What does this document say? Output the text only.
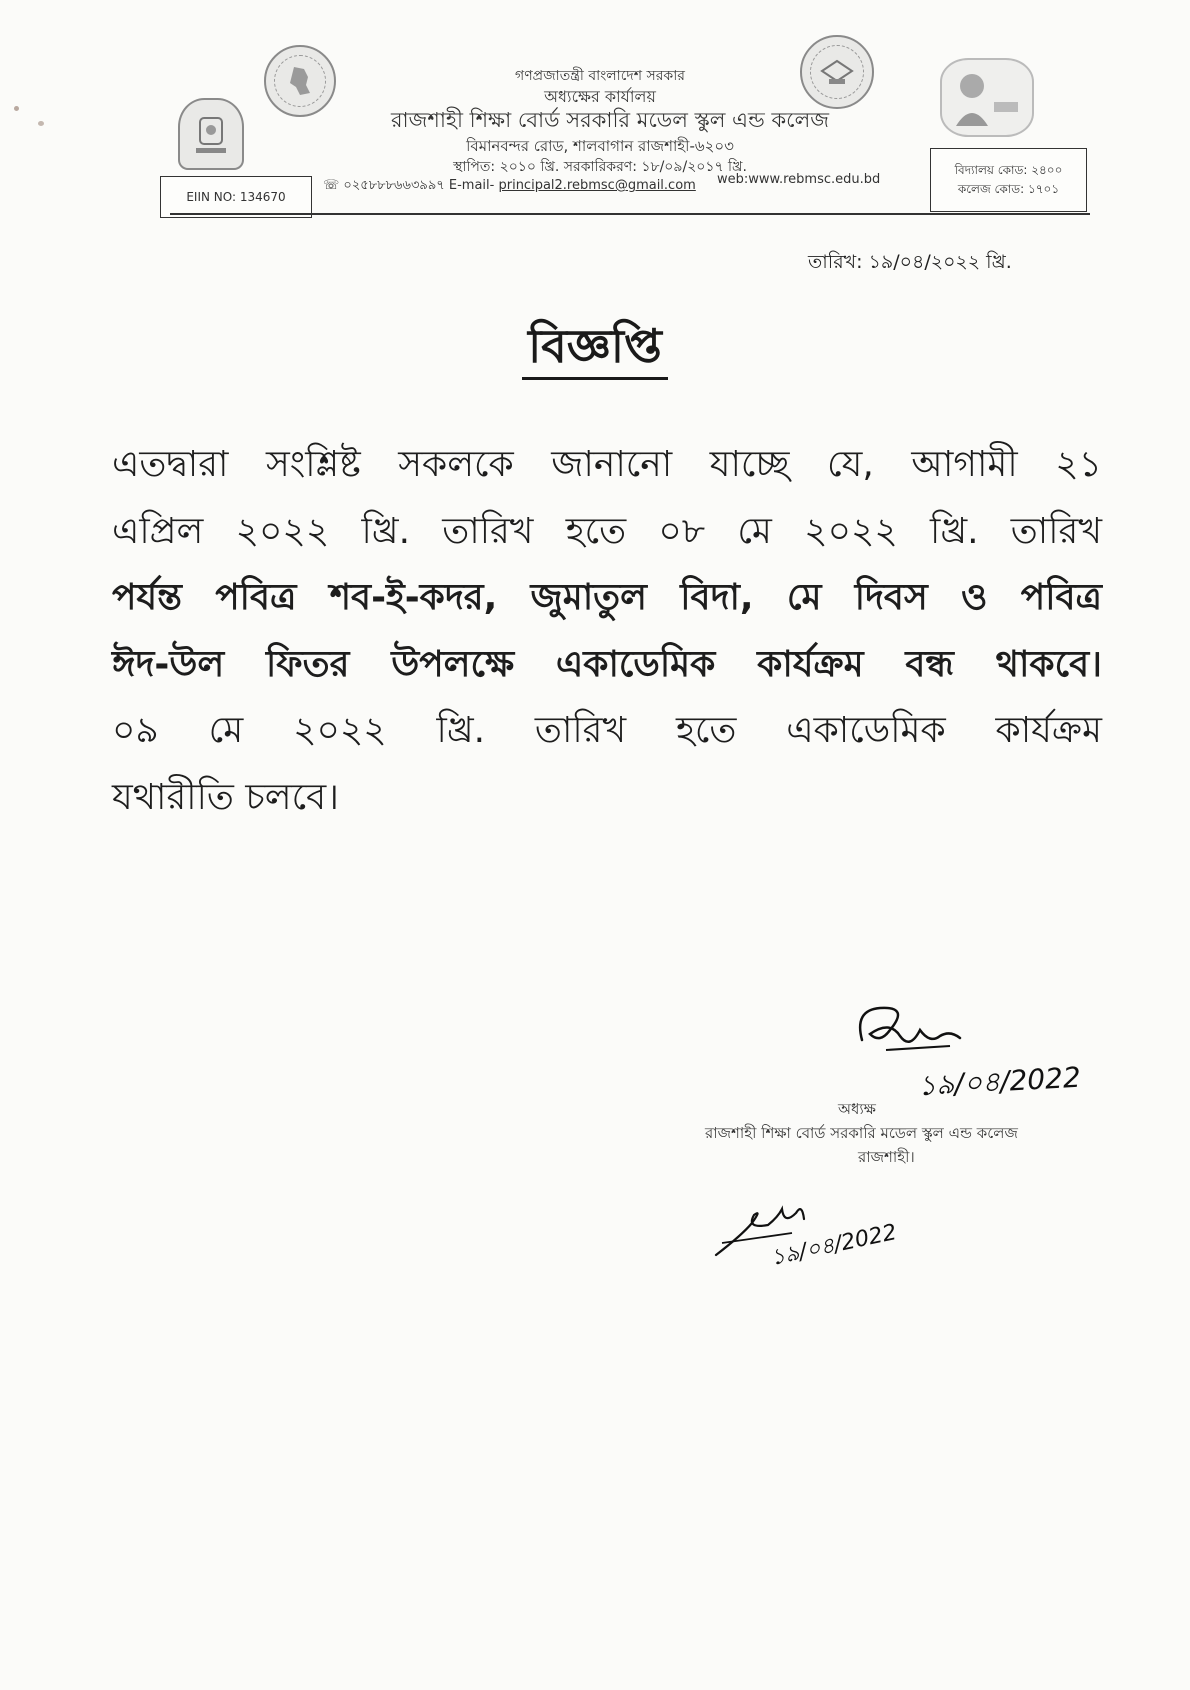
গণপ্রজাতন্ত্রী বাংলাদেশ সরকার
অধ্যক্ষের কার্যালয়
রাজশাহী শিক্ষা বোর্ড সরকারি মডেল স্কুল এন্ড কলেজ
বিমানবন্দর রোড, শালবাগান রাজশাহী-৬২০৩
স্থাপিত: ২০১০ খ্রি. সরকারিকরণ: ১৮/০৯/২০১৭ খ্রি.
☏ ০২৫৮৮৮৬৬৩৯৯৭ E-mail- principal2.rebmsc@gmail.com web:www.rebmsc.edu.bd
EIIN NO: 134670
বিদ্যালয় কোড: ২৪০০
কলেজ কোড: ১৭০১
তারিখ: ১৯/০৪/২০২২ খ্রি.
বিজ্ঞপ্তি
এতদ্বারা সংশ্লিষ্ট সকলকে জানানো যাচ্ছে যে, আগামী ২১
এপ্রিল ২০২২ খ্রি. তারিখ হতে ০৮ মে ২০২২ খ্রি. তারিখ
পর্যন্ত পবিত্র শব-ই-কদর, জুমাতুল বিদা, মে দিবস ও পবিত্র
ঈদ-উল ফিতর উপলক্ষে একাডেমিক কার্যক্রম বন্ধ থাকবে।
০৯ মে ২০২২ খ্রি. তারিখ হতে একাডেমিক কার্যক্রম
যথারীতি চলবে।
১৯/০৪/2022
অধ্যক্ষ
রাজশাহী শিক্ষা বোর্ড সরকারি মডেল স্কুল এন্ড কলেজ
রাজশাহী।
১৯/০৪/2022
